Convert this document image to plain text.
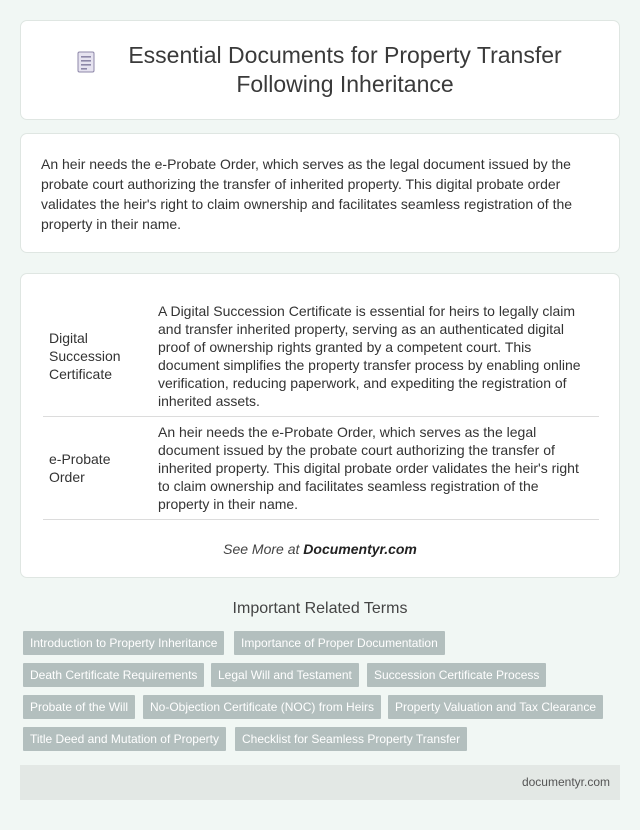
Essential Documents for Property Transfer Following Inheritance

An heir needs the e-Probate Order, which serves as the legal document issued by the probate court authorizing the transfer of inherited property. This digital probate order validates the heir's right to claim ownership and facilitates seamless registration of the property in their name.

Digital Succession Certificate	A Digital Succession Certificate is essential for heirs to legally claim and transfer inherited property, serving as an authenticated digital proof of ownership rights granted by a competent court. This document simplifies the property transfer process by enabling online verification, reducing paperwork, and expediting the registration of inherited assets.
e-Probate Order	An heir needs the e-Probate Order, which serves as the legal document issued by the probate court authorizing the transfer of inherited property. This digital probate order validates the heir's right to claim ownership and facilitates seamless registration of the property in their name.
See More at Documentyr.com
Important Related Terms
Introduction to Property Inheritance	Importance of Proper Documentation
Death Certificate Requirements	Legal Will and Testament	Succession Certificate Process
Probate of the Will	No-Objection Certificate (NOC) from Heirs	Property Valuation and Tax Clearance
Title Deed and Mutation of Property	Checklist for Seamless Property Transfer
documentyr.com
